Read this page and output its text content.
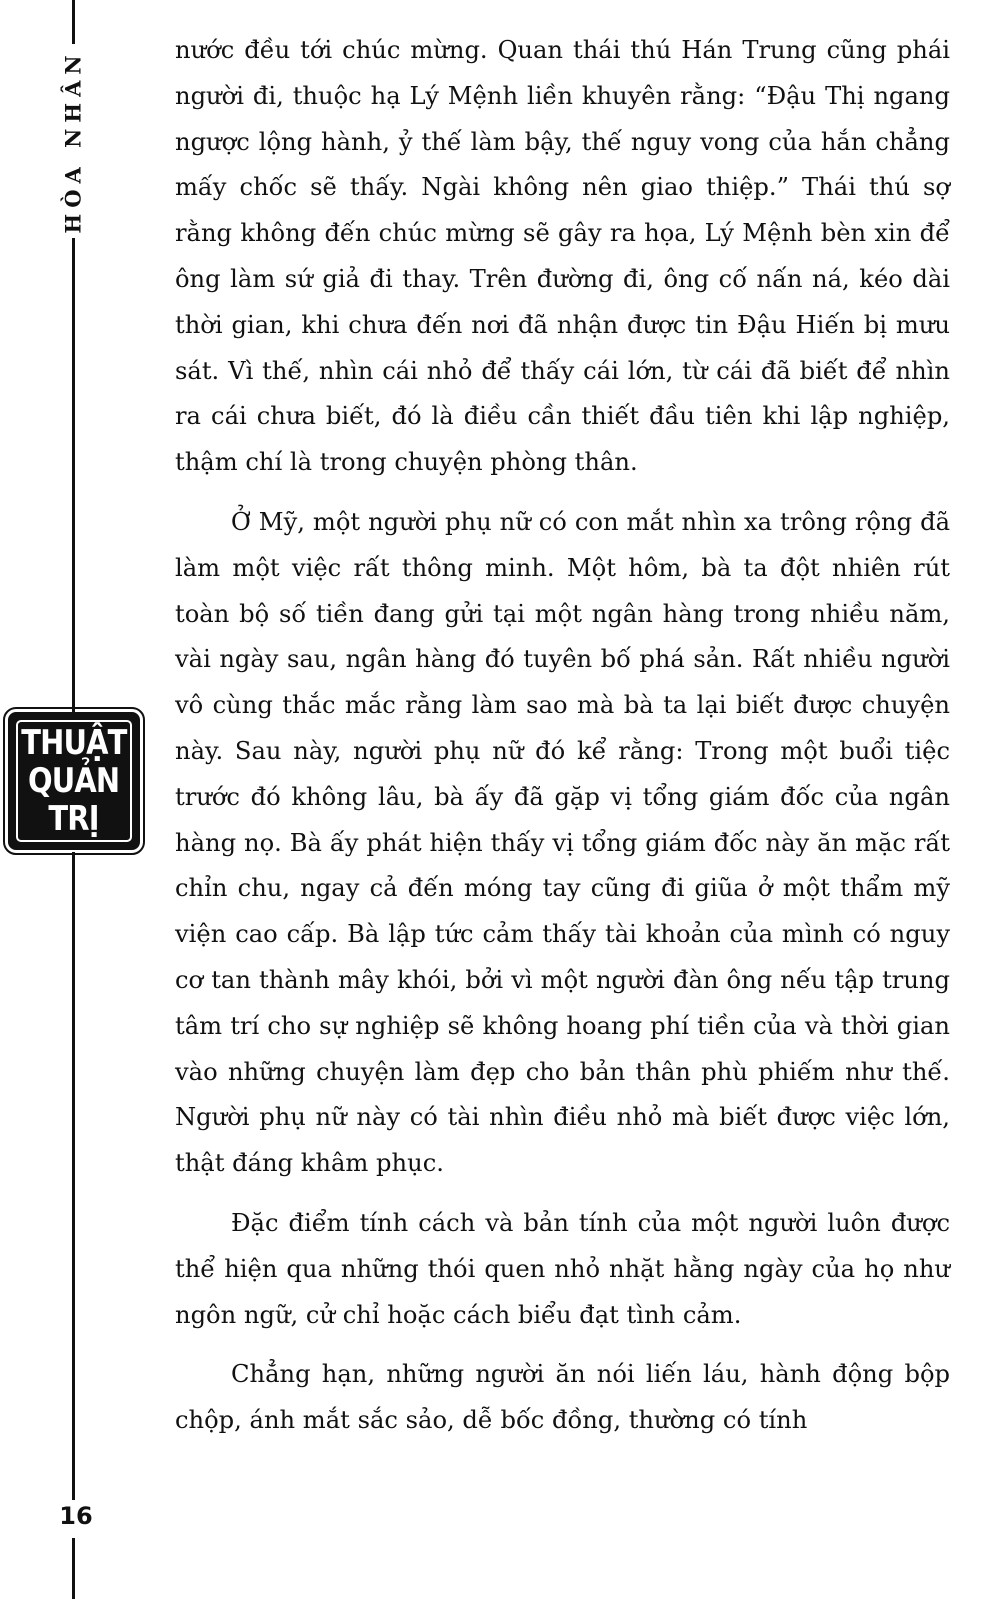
HÒA NHÂN
THUẬT
QUẢN
TRỊ
16

nước đều tới chúc mừng. Quan thái thú Hán Trung cũng phái người đi, thuộc hạ Lý Mệnh liền khuyên rằng: “Đậu Thị ngang ngược lộng hành, ỷ thế làm bậy, thế nguy vong của hắn chẳng mấy chốc sẽ thấy. Ngài không nên giao thiệp.” Thái thú sợ rằng không đến chúc mừng sẽ gây ra họa, Lý Mệnh bèn xin để ông làm sứ giả đi thay. Trên đường đi, ông cố nấn ná, kéo dài thời gian, khi chưa đến nơi đã nhận được tin Đậu Hiến bị mưu sát. Vì thế, nhìn cái nhỏ để thấy cái lớn, từ cái đã biết để nhìn ra cái chưa biết, đó là điều cần thiết đầu tiên khi lập nghiệp, thậm chí là trong chuyện phòng thân.

Ở Mỹ, một người phụ nữ có con mắt nhìn xa trông rộng đã làm một việc rất thông minh. Một hôm, bà ta đột nhiên rút toàn bộ số tiền đang gửi tại một ngân hàng trong nhiều năm, vài ngày sau, ngân hàng đó tuyên bố phá sản. Rất nhiều người vô cùng thắc mắc rằng làm sao mà bà ta lại biết được chuyện này. Sau này, người phụ nữ đó kể rằng: Trong một buổi tiệc trước đó không lâu, bà ấy đã gặp vị tổng giám đốc của ngân hàng nọ. Bà ấy phát hiện thấy vị tổng giám đốc này ăn mặc rất chỉn chu, ngay cả đến móng tay cũng đi giũa ở một thẩm mỹ viện cao cấp. Bà lập tức cảm thấy tài khoản của mình có nguy cơ tan thành mây khói, bởi vì một người đàn ông nếu tập trung tâm trí cho sự nghiệp sẽ không hoang phí tiền của và thời gian vào những chuyện làm đẹp cho bản thân phù phiếm như thế. Người phụ nữ này có tài nhìn điều nhỏ mà biết được việc lớn, thật đáng khâm phục.

Đặc điểm tính cách và bản tính của một người luôn được thể hiện qua những thói quen nhỏ nhặt hằng ngày của họ như ngôn ngữ, cử chỉ hoặc cách biểu đạt tình cảm.

Chẳng hạn, những người ăn nói liến láu, hành động bộp chộp, ánh mắt sắc sảo, dễ bốc đồng, thường có tính
